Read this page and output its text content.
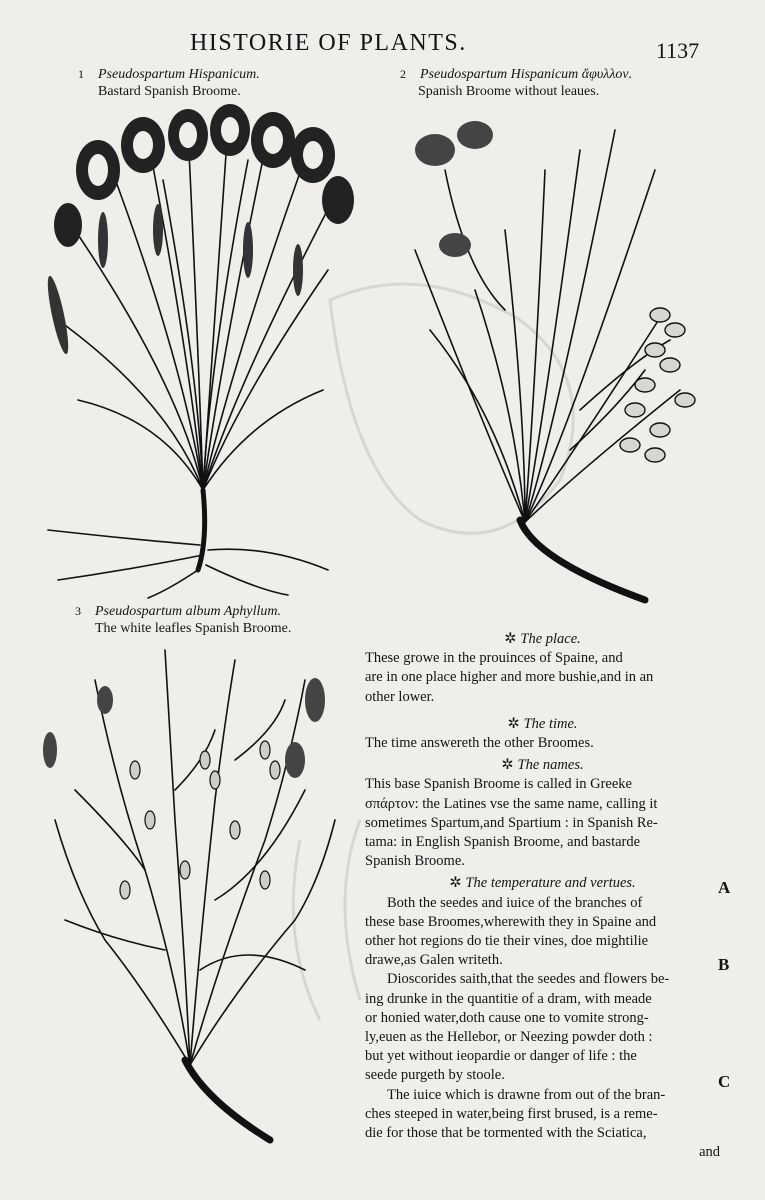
HISTORIE OF PLANTS.	1137
1 Pseudospartum Hispanicum.
Bastard Spanish Broome.
2 Pseudospartum Hispanicum ἄφυλλον.
Spanish Broome without leaues.
3 Pseudospartum album Aphyllum.
The white leafles Spanish Broome.
✲ The place.

These growe in the prouinces of Spaine, and
are in one place higher and more bushie,and in an
other lower.

✲ The time.

The time answereth the other Broomes.

✲ The names.

This base Spanish Broome is called in Greeke
σπάρτον: the Latines vse the same name, calling it
sometimes Spartum,and Spartium : in Spanish Re-
tama: in English Spanish Broome, and bastarde
Spanish Broome.

✲ The temperature and vertues.

Both the seedes and iuice of the branches of
these base Broomes,wherewith they in Spaine and
other hot regions do tie their vines, doe mightilie
drawe,as Galen writeth.

Dioscorides saith,that the seedes and flowers be-
ing drunke in the quantitie of a dram, with meade
or honied water,doth cause one to vomite strong-
ly,euen as the Hellebor, or Neezing powder doth :
but yet without ieopardie or danger of life : the
seede purgeth by stoole.

The iuice which is drawne from out of the bran-
ches steeped in water,being first brused, is a reme-
die for those that be tormented with the Sciatica,
and

A
B
C
